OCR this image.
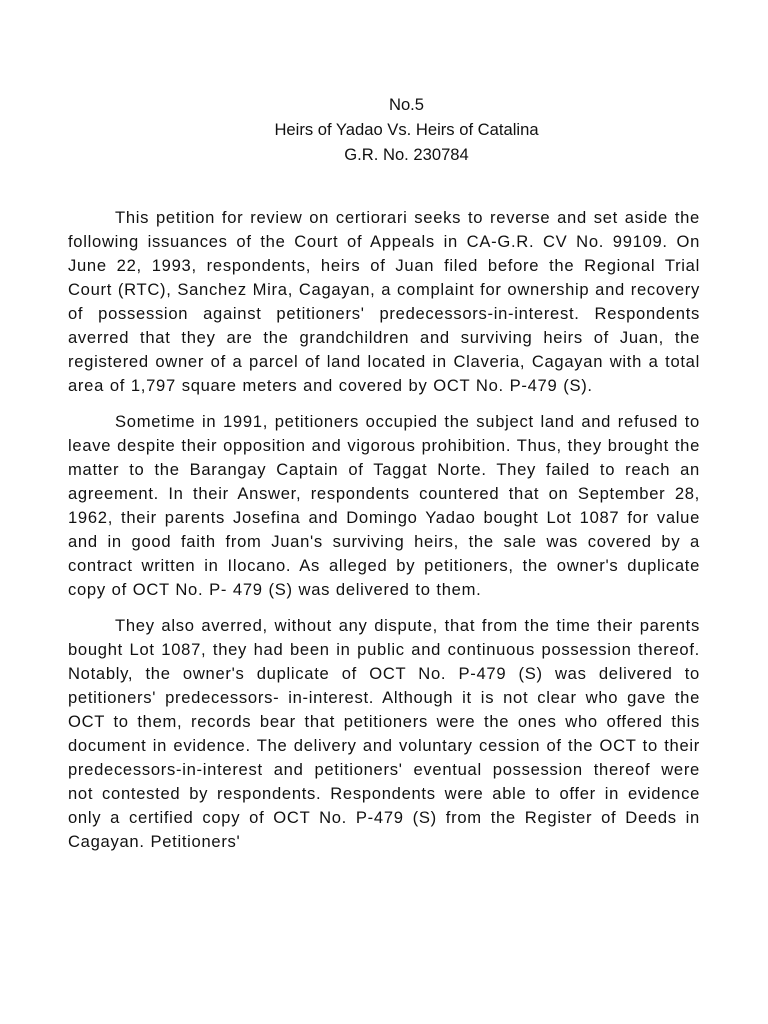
No.5
Heirs of Yadao Vs. Heirs of Catalina
G.R. No. 230784

This petition for review on certiorari seeks to reverse and set aside the following issuances of the Court of Appeals in CA-G.R. CV No. 99109. On June 22, 1993, respondents, heirs of Juan filed before the Regional Trial Court (RTC), Sanchez Mira, Cagayan, a complaint for ownership and recovery of possession against petitioners' predecessors-in-interest. Respondents averred that they are the grandchildren and surviving heirs of Juan, the registered owner of a parcel of land located in Claveria, Cagayan with a total area of 1,797 square meters and covered by OCT No. P-479 (S).

Sometime in 1991, petitioners occupied the subject land and refused to leave despite their opposition and vigorous prohibition. Thus, they brought the matter to the Barangay Captain of Taggat Norte. They failed to reach an agreement. In their Answer, respondents countered that on September 28, 1962, their parents Josefina and Domingo Yadao bought Lot 1087 for value and in good faith from Juan's surviving heirs, the sale was covered by a contract written in Ilocano. As alleged by petitioners, the owner's duplicate copy of OCT No. P- 479 (S) was delivered to them.

They also averred, without any dispute, that from the time their parents bought Lot 1087, they had been in public and continuous possession thereof. Notably, the owner's duplicate of OCT No. P-479 (S) was delivered to petitioners' predecessors- in-interest. Although it is not clear who gave the OCT to them, records bear that petitioners were the ones who offered this document in evidence. The delivery and voluntary cession of the OCT to their predecessors-in-interest and petitioners' eventual possession thereof were not contested by respondents. Respondents were able to offer in evidence only a certified copy of OCT No. P-479 (S) from the Register of Deeds in Cagayan. Petitioners'
